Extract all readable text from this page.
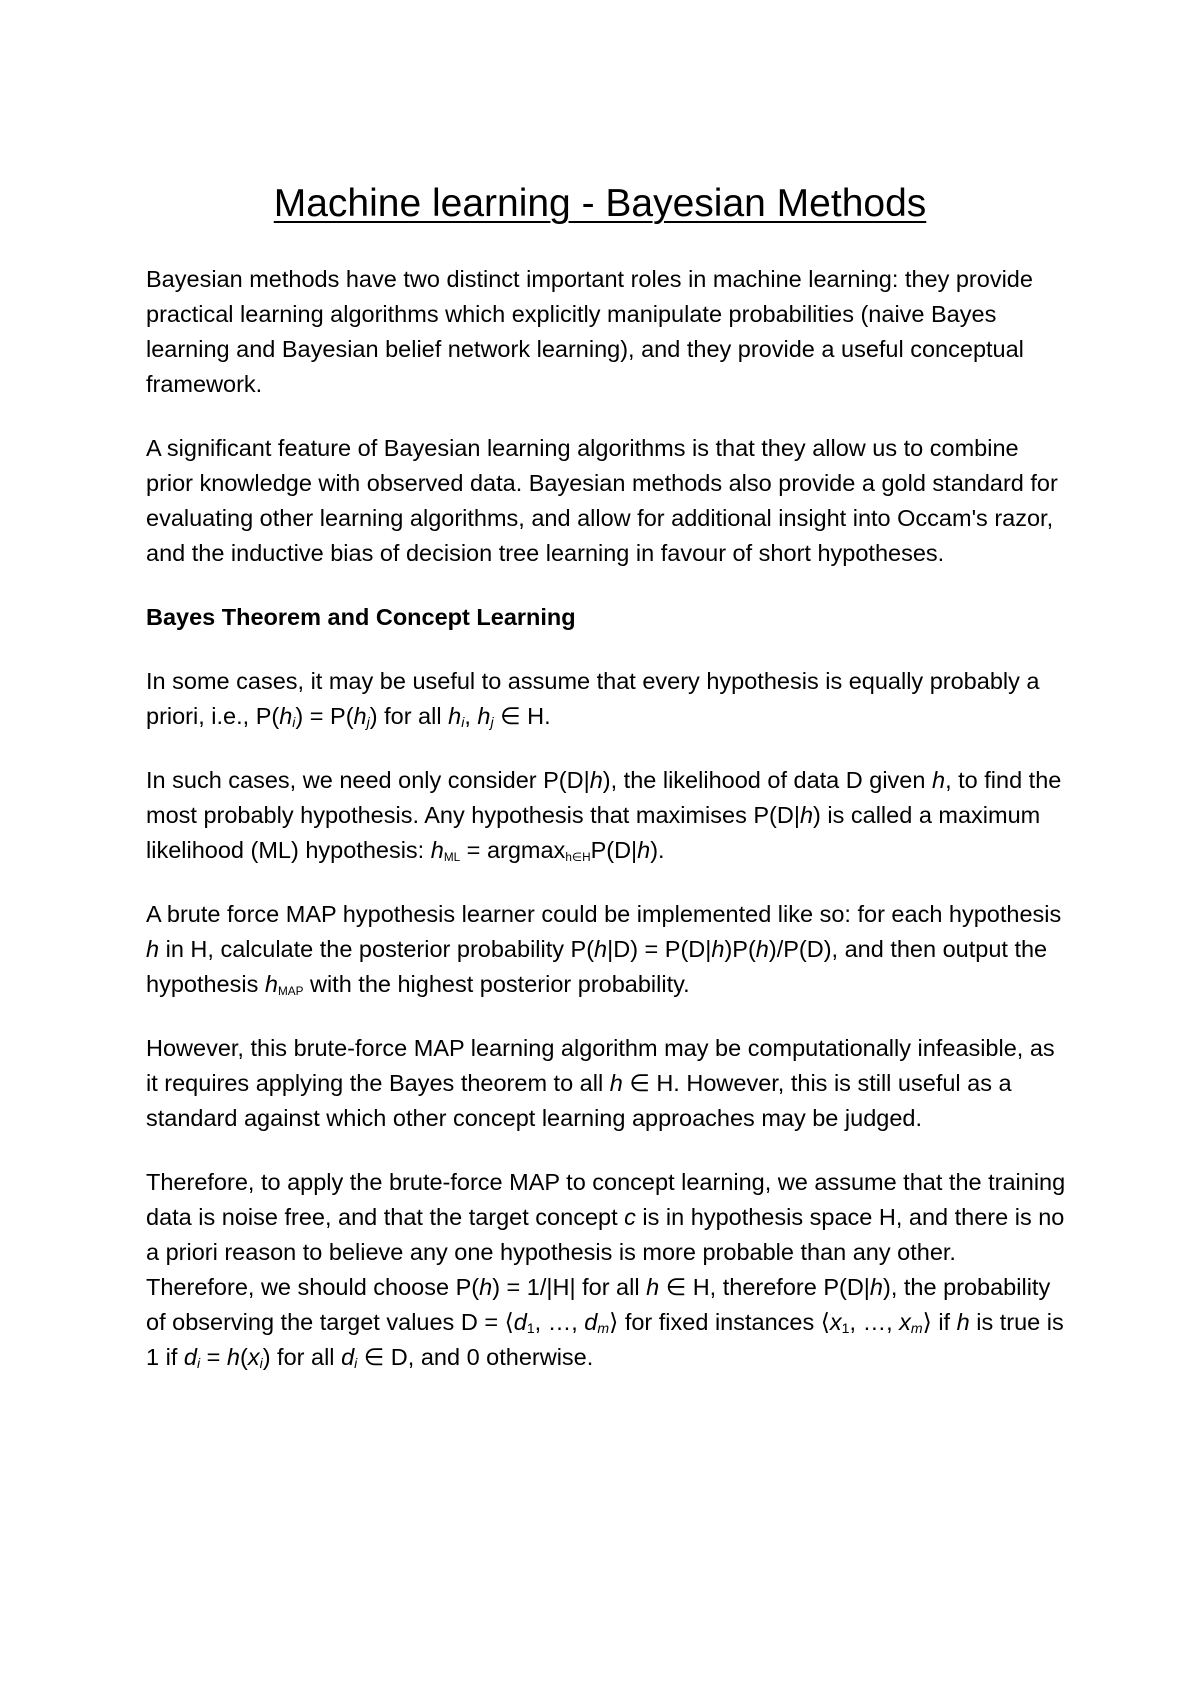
Machine learning - Bayesian Methods

Bayesian methods have two distinct important roles in machine learning: they provide practical learning algorithms which explicitly manipulate probabilities (naive Bayes learning and Bayesian belief network learning), and they provide a useful conceptual framework.

A significant feature of Bayesian learning algorithms is that they allow us to combine prior knowledge with observed data. Bayesian methods also provide a gold standard for evaluating other learning algorithms, and allow for additional insight into Occam's razor, and the inductive bias of decision tree learning in favour of short hypotheses.

Bayes Theorem and Concept Learning

In some cases, it may be useful to assume that every hypothesis is equally probably a priori, i.e., $P(h_i) = P(h_j)$ for all $h_i$, $h_j$ ∈ H.

In such cases, we need only consider P(D|h), the likelihood of data D given h, to find the most probably hypothesis. Any hypothesis that maximises P(D|h) is called a maximum likelihood (ML) hypothesis: $h_{ML} = argmax_{h\in H}P(D|h)$.

A brute force MAP hypothesis learner could be implemented like so: for each hypothesis h in H, calculate the posterior probability P(h|D) = P(D|h)P(h)/P(D), and then output the hypothesis $h_{MAP}$ with the highest posterior probability.

However, this brute-force MAP learning algorithm may be computationally infeasible, as it requires applying the Bayes theorem to all h ∈ H. However, this is still useful as a standard against which other concept learning approaches may be judged.

Therefore, to apply the brute-force MAP to concept learning, we assume that the training data is noise free, and that the target concept c is in hypothesis space H, and there is no a priori reason to believe any one hypothesis is more probable than any other. Therefore, we should choose P(h) = 1/|H| for all h ∈ H, therefore P(D|h), the probability of observing the target values $D = ⟨d_1$, …, $d_m⟩$ for fixed instances $⟨x_1$, …, $x_m⟩$ if h is true is 1 if $d_i = h(x_i)$ for all $d_i$ ∈ D, and 0 otherwise.
